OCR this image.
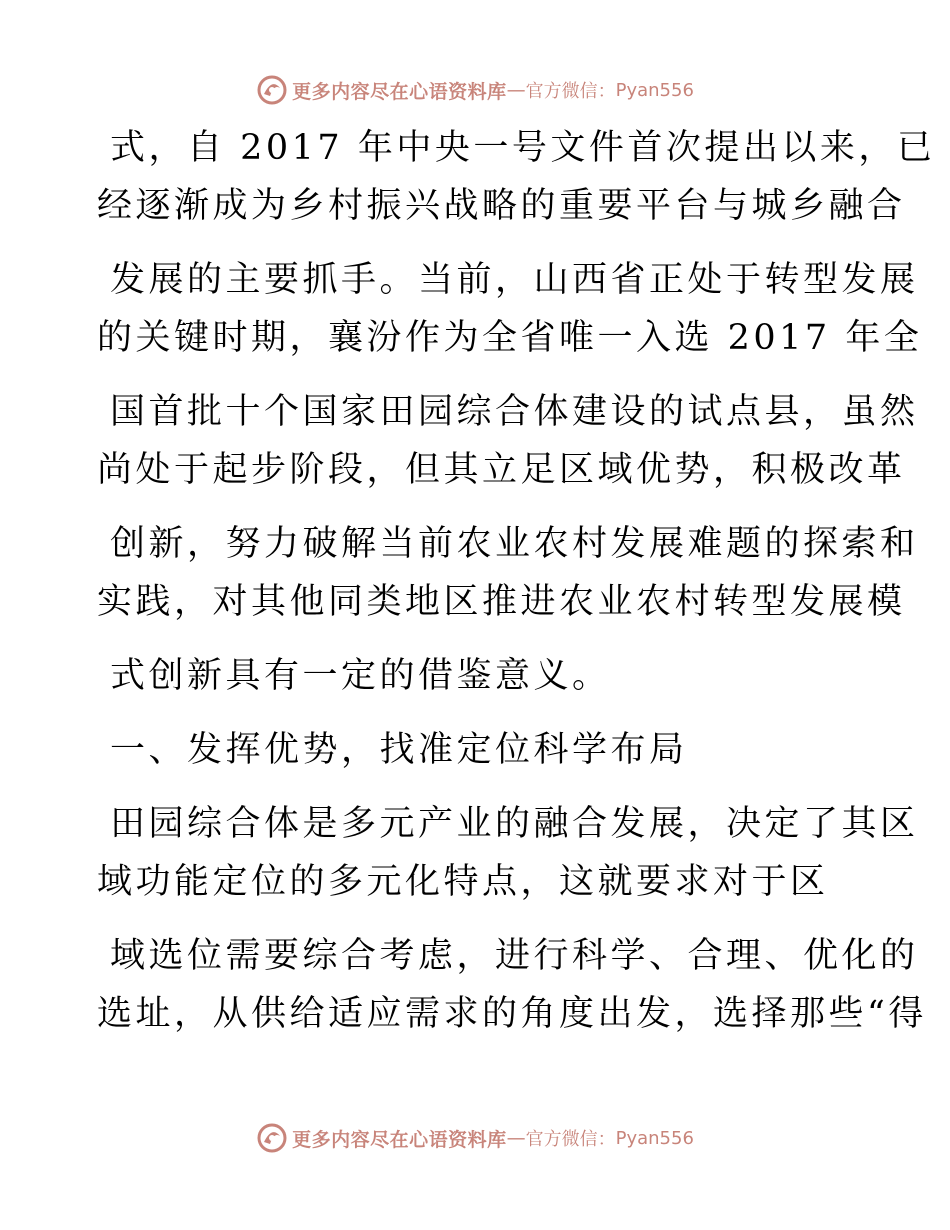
更多内容尽在心语资料库 — 官方微信： Pyan556
式，自 2017 年中央一号文件首次提出以来，已
经逐渐成为乡村振兴战略的重要平台与城乡融合
发展的主要抓手。当前，山西省正处于转型发展
的关键时期，襄汾作为全省唯一入选 2017 年全
国首批十个国家田园综合体建设的试点县，虽然
尚处于起步阶段，但其立足区域优势，积极改革
创新，努力破解当前农业农村发展难题的探索和
实践，对其他同类地区推进农业农村转型发展模
式创新具有一定的借鉴意义。
一、发挥优势，找准定位科学布局
田园综合体是多元产业的融合发展，决定了其区
域功能定位的多元化特点，这就要求对于区
域选位需要综合考虑，进行科学、合理、优化的
选址，从供给适应需求的角度出发，选择那些“得
更多内容尽在心语资料库 — 官方微信： Pyan556
